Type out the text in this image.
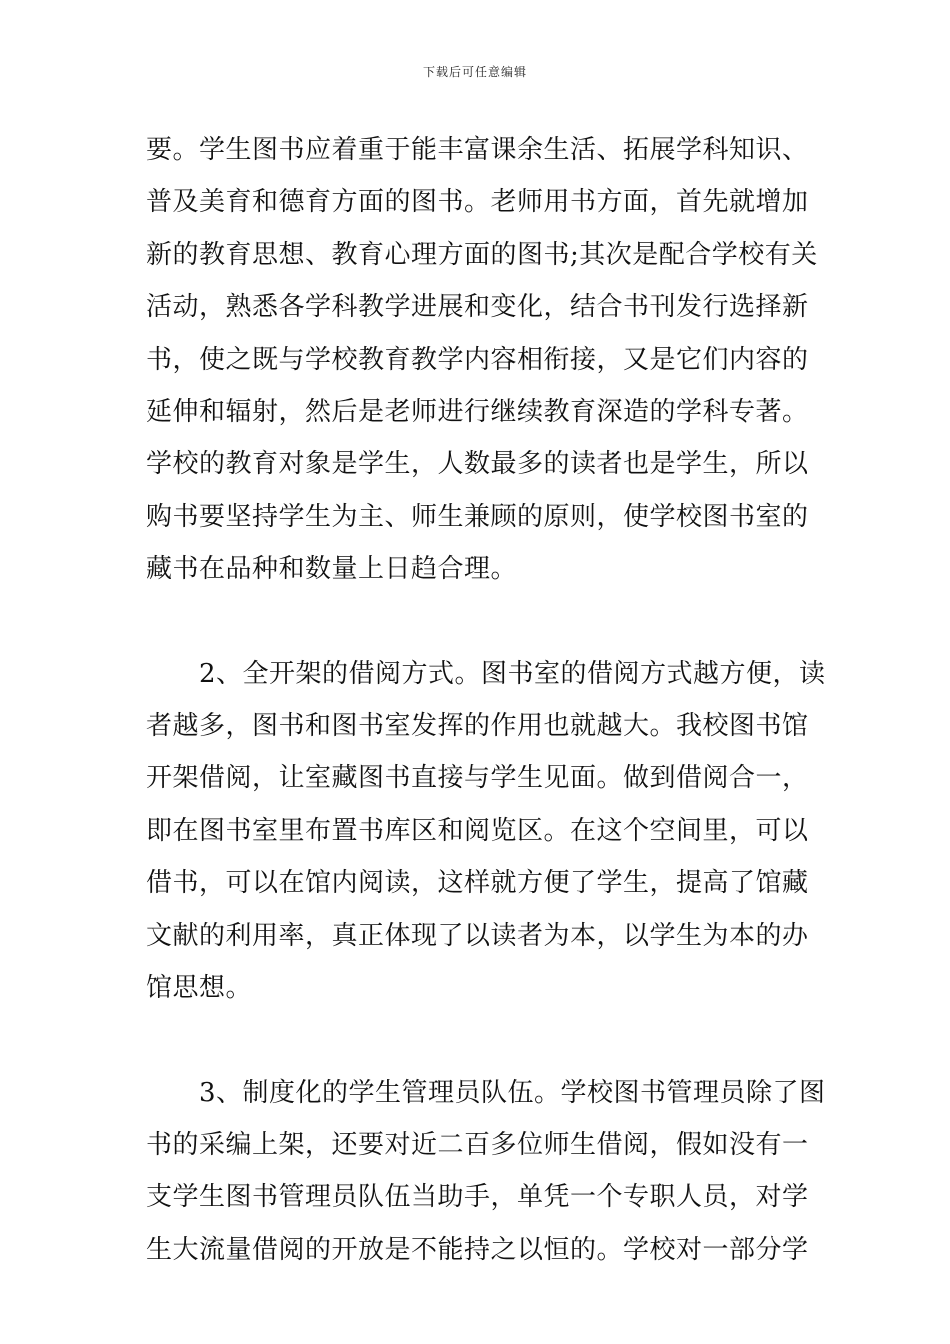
下载后可任意编辑
要。学生图书应着重于能丰富课余生活、拓展学科知识、
普及美育和德育方面的图书。老师用书方面，首先就增加
新的教育思想、教育心理方面的图书;其次是配合学校有关
活动，熟悉各学科教学进展和变化，结合书刊发行选择新
书，使之既与学校教育教学内容相衔接，又是它们内容的
延伸和辐射，然后是老师进行继续教育深造的学科专著。
学校的教育对象是学生，人数最多的读者也是学生，所以
购书要坚持学生为主、师生兼顾的原则，使学校图书室的
藏书在品种和数量上日趋合理。
　　2、全开架的借阅方式。图书室的借阅方式越方便，读
者越多，图书和图书室发挥的作用也就越大。我校图书馆
开架借阅，让室藏图书直接与学生见面。做到借阅合一，
即在图书室里布置书库区和阅览区。在这个空间里，可以
借书，可以在馆内阅读，这样就方便了学生，提高了馆藏
文献的利用率，真正体现了以读者为本，以学生为本的办
馆思想。
　　3、制度化的学生管理员队伍。学校图书管理员除了图
书的采编上架，还要对近二百多位师生借阅，假如没有一
支学生图书管理员队伍当助手，单凭一个专职人员，对学
生大流量借阅的开放是不能持之以恒的。学校对一部分学
